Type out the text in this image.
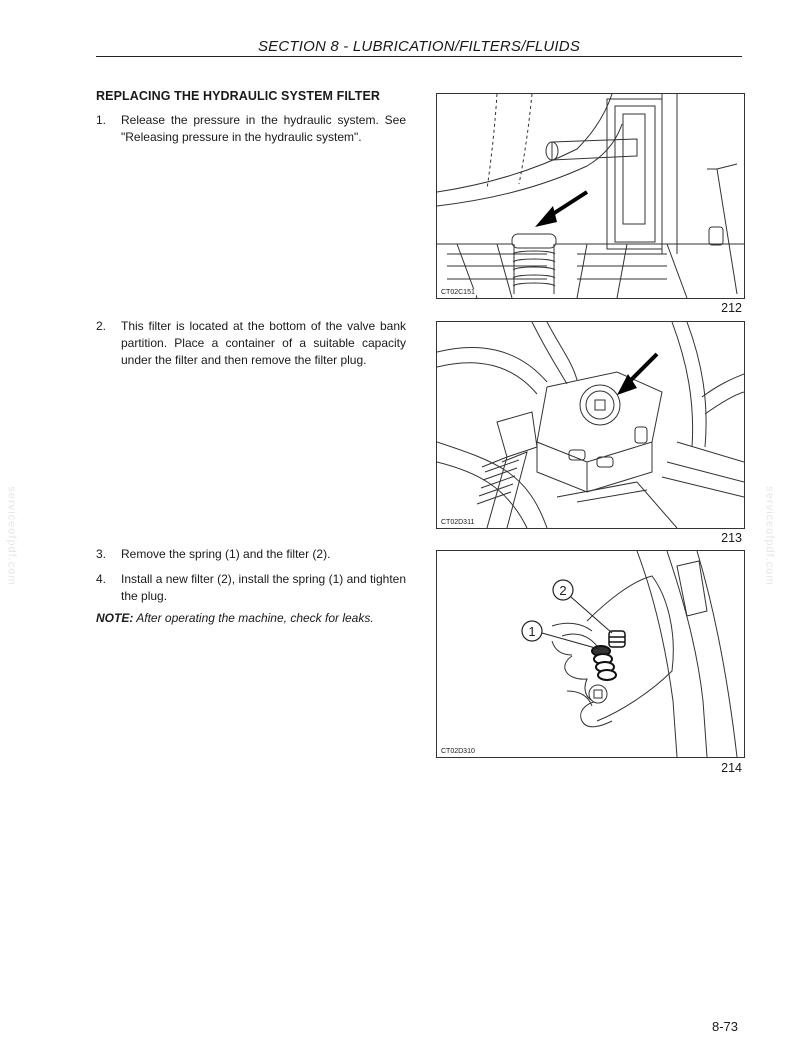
SECTION 8 - LUBRICATION/FILTERS/FLUIDS
REPLACING THE HYDRAULIC SYSTEM FILTER
1. Release the pressure in the hydraulic system. See "Releasing pressure in the hydraulic system".
2. This filter is located at the bottom of the valve bank partition. Place a container of a suitable capacity under the filter and then remove the filter plug.
3. Remove the spring (1) and the filter (2).
4. Install a new filter (2), install the spring (1) and tighten the plug.
NOTE: After operating the machine, check for leaks.
CT02C151
212
CT02D311
213
2
1
CT02D310
214
serviceofpdf.com	serviceofpdf.com
8-73
